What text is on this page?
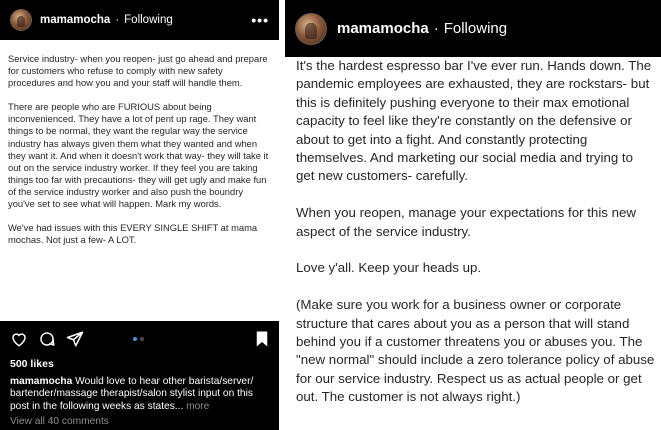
mamamocha · Following	•••

Service industry- when you reopen- just go ahead and prepare for customers who refuse to comply with new safety procedures and how you and your staff will handle them.

There are people who are FURIOUS about being inconvenienced. They have a lot of pent up rage. They want things to be normal, they want the regular way the service industry has always given them what they wanted and when they want it. And when it doesn't work that way- they will take it out on the service industry worker. If they feel you are taking things too far with precautions- they will get ugly and make fun of the service industry worker and also push the boundry you've set to see what will happen. Mark my words.

We've had issues with this EVERY SINGLE SHIFT at mama mochas. Not just a few- A LOT.

500 likes
mamamocha Would love to hear other barista/server/ bartender/massage therapist/salon stylist input on this post in the following weeks as states... more
View all 40 comments
mamamocha · Following

It's the hardest espresso bar I've ever run. Hands down. The pandemic employees are exhausted, they are rockstars- but this is definitely pushing everyone to their max emotional capacity to feel like they're constantly on the defensive or about to get into a fight. And constantly protecting themselves. And marketing our social media and trying to get new customers- carefully.

When you reopen, manage your expectations for this new aspect of the service industry.

Love y'all. Keep your heads up.

(Make sure you work for a business owner or corporate structure that cares about you as a person that will stand behind you if a customer threatens you or abuses you. The "new normal" should include a zero tolerance policy of abuse for our service industry. Respect us as actual people or get out. The customer is not always right.)
